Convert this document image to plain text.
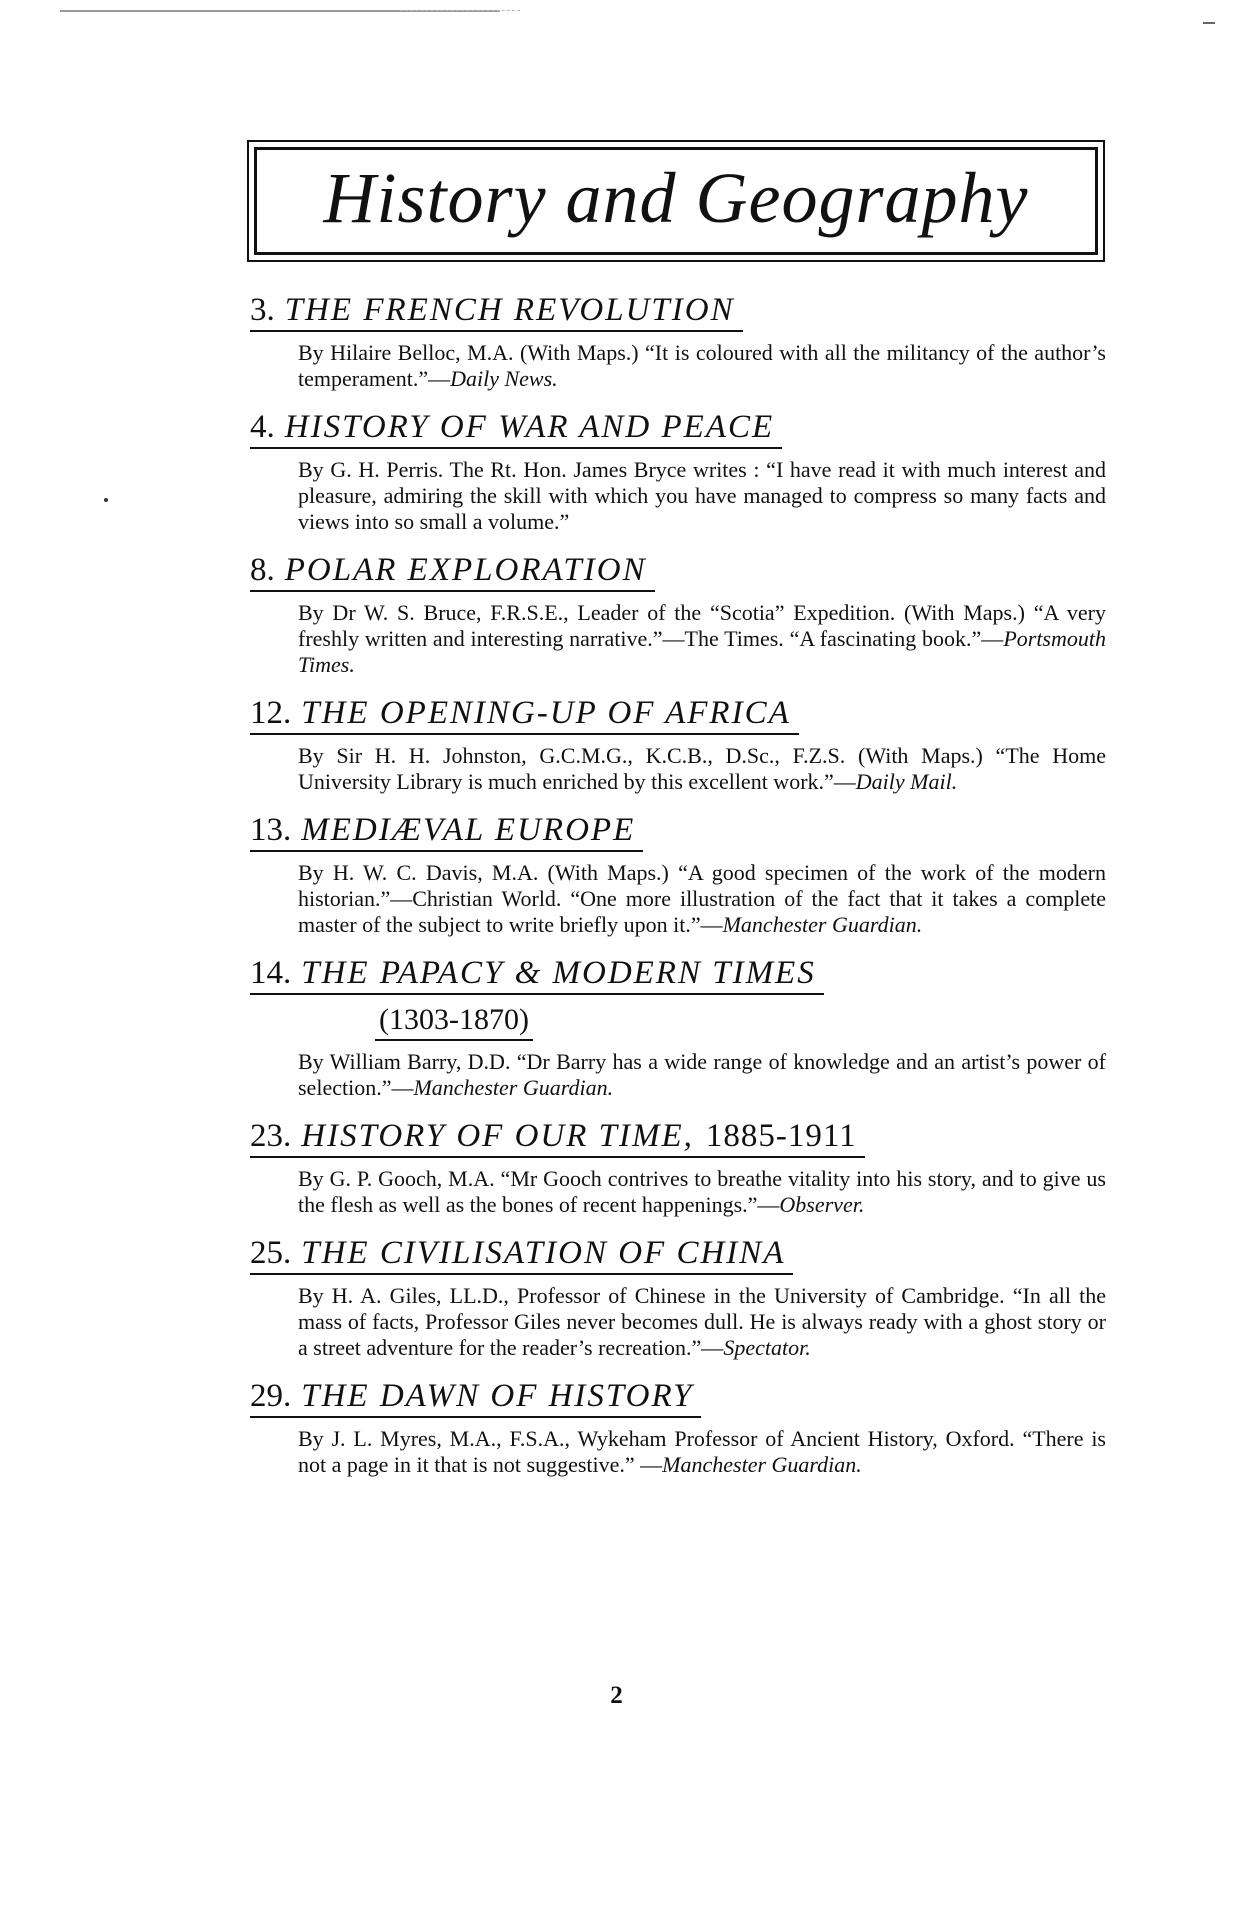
History and Geography
3. THE FRENCH REVOLUTION
By Hilaire Belloc, M.A. (With Maps.) “It is coloured with all the militancy of the author’s temperament.”—Daily News.
4. HISTORY OF WAR AND PEACE
By G. H. Perris. The Rt. Hon. James Bryce writes : “I have read it with much interest and pleasure, admiring the skill with which you have managed to compress so many facts and views into so small a volume.”
8. POLAR EXPLORATION
By Dr W. S. Bruce, F.R.S.E., Leader of the “Scotia” Expedition. (With Maps.) “A very freshly written and interesting narrative.”—The Times. “A fascinating book.”—Portsmouth Times.
12. THE OPENING-UP OF AFRICA
By Sir H. H. Johnston, G.C.M.G., K.C.B., D.Sc., F.Z.S. (With Maps.) “The Home University Library is much enriched by this excellent work.”—Daily Mail.
13. MEDIÆVAL EUROPE
By H. W. C. Davis, M.A. (With Maps.) “A good specimen of the work of the modern historian.”—Christian World. “One more illustration of the fact that it takes a complete master of the subject to write briefly upon it.”—Manchester Guardian.
14. THE PAPACY & MODERN TIMES
(1303-1870)
By William Barry, D.D. “Dr Barry has a wide range of knowledge and an artist’s power of selection.”—Manchester Guardian.
23. HISTORY OF OUR TIME, 1885-1911
By G. P. Gooch, M.A. “Mr Gooch contrives to breathe vitality into his story, and to give us the flesh as well as the bones of recent happenings.”—Observer.
25. THE CIVILISATION OF CHINA
By H. A. Giles, LL.D., Professor of Chinese in the University of Cambridge. “In all the mass of facts, Professor Giles never becomes dull. He is always ready with a ghost story or a street adventure for the reader’s recreation.”—Spectator.
29. THE DAWN OF HISTORY
By J. L. Myres, M.A., F.S.A., Wykeham Professor of Ancient History, Oxford. “There is not a page in it that is not suggestive.” —Manchester Guardian.
2
